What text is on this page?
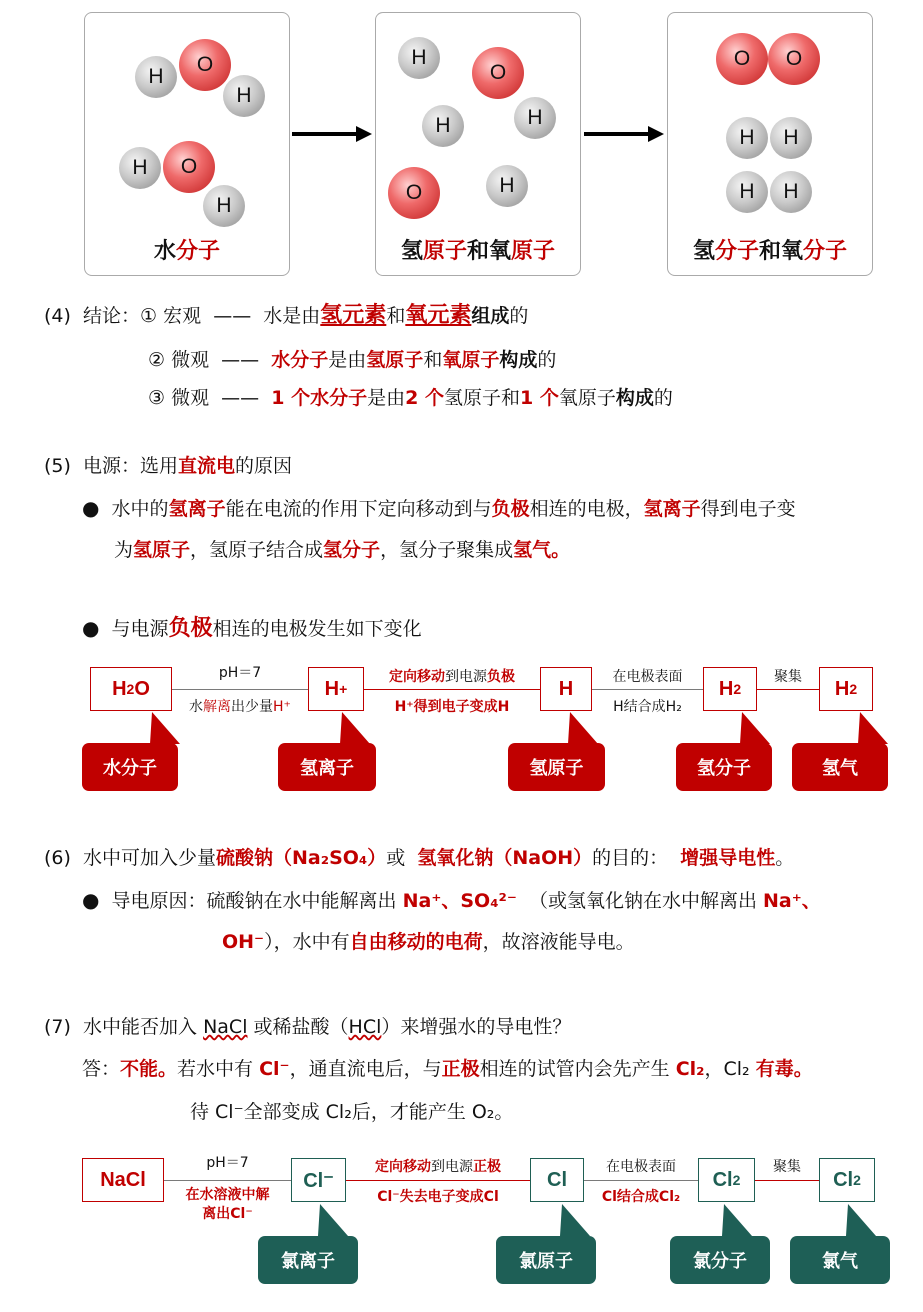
H
O
H
H	O
H
水分子
H
O
H	H
O	H
氢原子和氧原子
O	O
H	H
H	H
氢分子和氧分子
(4) 结论：① 宏观 —— 水是由氢元素和氧元素组成的
② 微观 —— 水分子是由氢原子和氧原子构成的
③ 微观 —— 1 个水分子是由2 个氢原子和1 个氧原子构成的
(5) 电源：选用直流电的原因
● 水中的氢离子能在电流的作用下定向移动到与负极相连的电极，氢离子得到电子变
为氢原子，氢原子结合成氢分子，氢分子聚集成氢气。
● 与电源负极相连的电极发生如下变化
H 2 O	H +	H	H 2	H 2
pH＝7
水解离出少量H⁺
定向移动到电源负极
H⁺得到电子变成H
在电极表面
H结合成H₂
聚集
水分子	氢离子	氢原子	氢分子	氢气
(6) 水中可加入少量硫酸钠（Na₂SO₄）或 氢氧化钠（NaOH）的目的： 增强导电性。
● 导电原因：硫酸钠在水中能解离出 Na⁺、SO₄²⁻ （或氢氧化钠在水中解离出 Na⁺、
OH⁻），水中有自由移动的电荷，故溶液能导电。
(7) 水中能否加入 NaCl 或稀盐酸（HCl）来增强水的导电性？
答：不能。若水中有 Cl⁻，通直流电后，与正极相连的试管内会先产生 Cl₂，Cl₂ 有毒。
待 Cl⁻全部变成 Cl₂后，才能产生 O₂。
NaCl	Cl⁻	Cl	Cl 2	Cl 2
pH＝7
在水溶液中解
离出Cl⁻
定向移动到电源正极
Cl⁻失去电子变成Cl
在电极表面
Cl结合成Cl₂
聚集
氯离子	氯原子	氯分子	氯气
